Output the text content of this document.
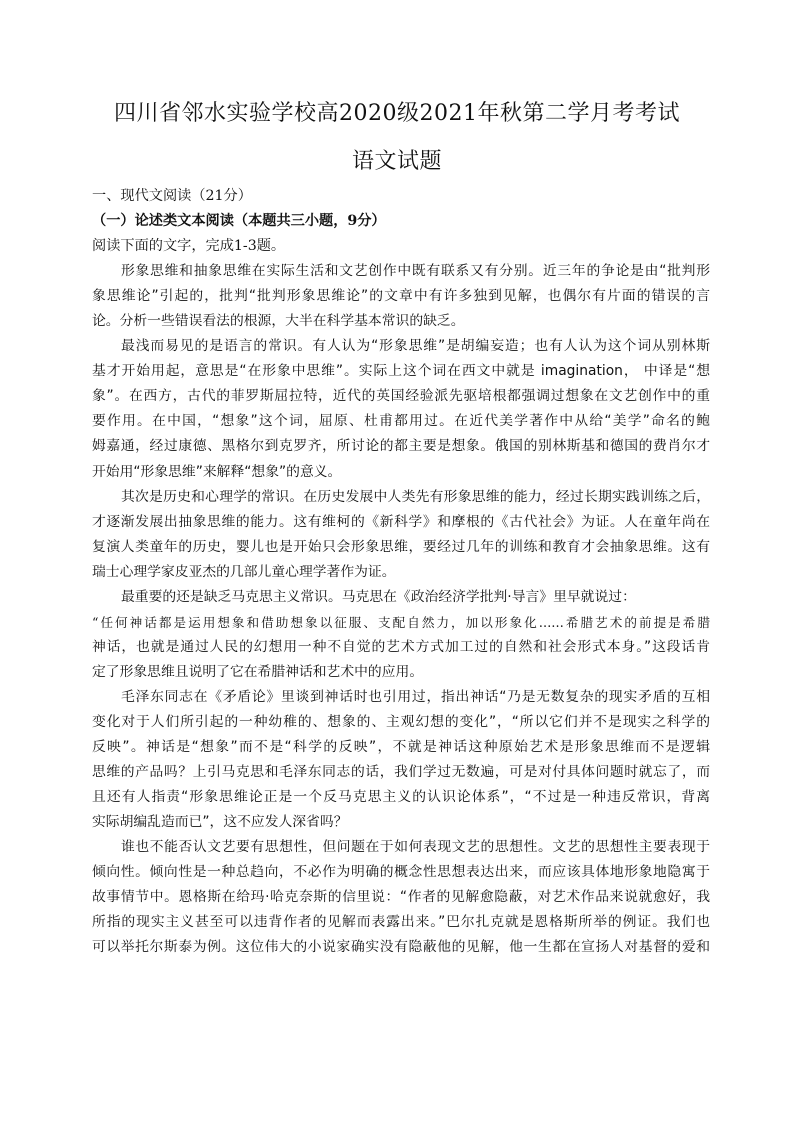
四川省邻水实验学校高2020级2021年秋第二学月考考试
语文试题
一、现代文阅读（21分）
（一）论述类文本阅读（本题共三小题，9分）
阅读下面的文字，完成1-3题。
形象思维和抽象思维在实际生活和文艺创作中既有联系又有分别。近三年的争论是由“批判形
象思维论”引起的，批判“批判形象思维论”的文章中有许多独到见解，也偶尔有片面的错误的言
论。分析一些错误看法的根源，大半在科学基本常识的缺乏。
最浅而易见的是语言的常识。有人认为“形象思维”是胡编妄造；也有人认为这个词从别林斯
基才开始用起，意思是“在形象中思维”。实际上这个词在西文中就是 imagination， 中译是“想
象”。在西方，古代的菲罗斯屈拉特，近代的英国经验派先驱培根都强调过想象在文艺创作中的重
要作用。在中国，“想象”这个词，屈原、杜甫都用过。在近代美学著作中从给“美学”命名的鲍
姆嘉通，经过康德、黑格尔到克罗齐，所讨论的都主要是想象。俄国的别林斯基和德国的费肖尔才
开始用“形象思维”来解释“想象”的意义。
其次是历史和心理学的常识。在历史发展中人类先有形象思维的能力，经过长期实践训练之后，
才逐渐发展出抽象思维的能力。这有维柯的《新科学》和摩根的《古代社会》为证。人在童年尚在
复演人类童年的历史，婴儿也是开始只会形象思维，要经过几年的训练和教育才会抽象思维。这有
瑞士心理学家皮亚杰的几部儿童心理学著作为证。
最重要的还是缺乏马克思主义常识。马克思在《政治经济学批判·导言》里早就说过：
“任何神话都是运用想象和借助想象以征服、支配自然力，加以形象化……希腊艺术的前提是希腊
神话，也就是通过人民的幻想用一种不自觉的艺术方式加工过的自然和社会形式本身。”这段话肯
定了形象思维且说明了它在希腊神话和艺术中的应用。
毛泽东同志在《矛盾论》里谈到神话时也引用过，指出神话“乃是无数复杂的现实矛盾的互相
变化对于人们所引起的一种幼稚的、想象的、主观幻想的变化”，“所以它们并不是现实之科学的
反映”。神话是“想象”而不是“科学的反映”，不就是神话这种原始艺术是形象思维而不是逻辑
思维的产品吗？上引马克思和毛泽东同志的话，我们学过无数遍，可是对付具体问题时就忘了，而
且还有人指责“形象思维论正是一个反马克思主义的认识论体系”，“不过是一种违反常识，背离
实际胡编乱造而已”，这不应发人深省吗？
谁也不能否认文艺要有思想性，但问题在于如何表现文艺的思想性。文艺的思想性主要表现于
倾向性。倾向性是一种总趋向，不必作为明确的概念性思想表达出来，而应该具体地形象地隐寓于
故事情节中。恩格斯在给玛·哈克奈斯的信里说：“作者的见解愈隐蔽，对艺术作品来说就愈好，我
所指的现实主义甚至可以违背作者的见解而表露出来。”巴尔扎克就是恩格斯所举的例证。我们也
可以举托尔斯泰为例。这位伟大的小说家确实没有隐蔽他的见解，他一生都在宣扬人对基督的爱和
